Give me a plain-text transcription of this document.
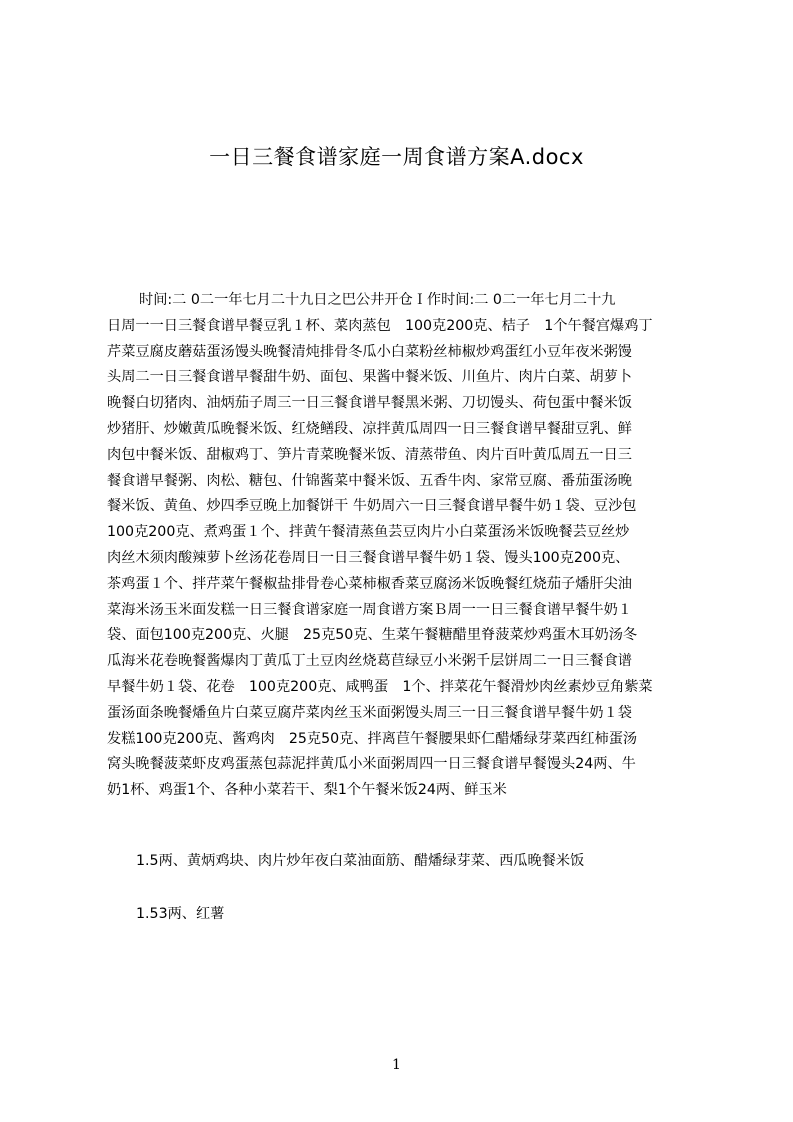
一日三餐食谱家庭一周食谱方案A.docx
时间:二 0二一年七月二十九日之巴公井开仓Ｉ作时间:二 0二一年七月二十九
日周一一日三餐食谱早餐豆乳１杯、菜肉蒸包　100克200克、桔子　1个午餐宫爆鸡丁
芹菜豆腐皮蘑菇蛋汤馒头晚餐清炖排骨冬瓜小白菜粉丝柿椒炒鸡蛋红小豆年夜米粥馒
头周二一日三餐食谱早餐甜牛奶、面包、果酱中餐米饭、川鱼片、肉片白菜、胡萝卜
晚餐白切猪肉、油炳茄子周三一日三餐食谱早餐黑米粥、刀切馒头、荷包蛋中餐米饭
炒猪肝、炒嫩黄瓜晚餐米饭、红烧鳝段、凉拌黄瓜周四一日三餐食谱早餐甜豆乳、鲜
肉包中餐米饭、甜椒鸡丁、笋片青菜晚餐米饭、清蒸带鱼、肉片百叶黄瓜周五一日三
餐食谱早餐粥、肉松、糖包、什锦酱菜中餐米饭、五香牛肉、家常豆腐、番茄蛋汤晚
餐米饭、黄鱼、炒四季豆晚上加餐饼干 牛奶周六一日三餐食谱早餐牛奶１袋、豆沙包
100克200克、煮鸡蛋１个、拌黄午餐清蒸鱼芸豆肉片小白菜蛋汤米饭晚餐芸豆丝炒
肉丝木须肉酸辣萝卜丝汤花卷周日一日三餐食谱早餐牛奶１袋、馒头100克200克、
茶鸡蛋１个、拌芹菜午餐椒盐排骨卷心菜柿椒香菜豆腐汤米饭晚餐红烧茄子燔肝尖油
菜海米汤玉米面发糕一日三餐食谱家庭一周食谱方案Ｂ周一一日三餐食谱早餐牛奶１
袋、面包100克200克、火腿　25克50克、生菜午餐糖醋里脊菠菜炒鸡蛋木耳奶汤冬
瓜海米花卷晚餐酱爆肉丁黄瓜丁土豆肉丝烧葛苣绿豆小米粥千层饼周二一日三餐食谱
早餐牛奶１袋、花卷　100克200克、咸鸭蛋　1个、拌菜花午餐滑炒肉丝素炒豆角紫菜
蛋汤面条晚餐燔鱼片白菜豆腐芹菜肉丝玉米面粥馒头周三一日三餐食谱早餐牛奶１袋
发糕100克200克、酱鸡肉　25克50克、拌离苣午餐腰果虾仁醋燔绿芽菜西红柿蛋汤
窝头晚餐菠菜虾皮鸡蛋蒸包蒜泥拌黄瓜小米面粥周四一日三餐食谱早餐馒头24两、牛
奶1杯、鸡蛋1个、各种小菜若干、梨1个午餐米饭24两、鲜玉米
1.5两、黄炳鸡块、肉片炒年夜白菜油面筋、醋燔绿芽菜、西瓜晚餐米饭
1.53两、红薯
1
